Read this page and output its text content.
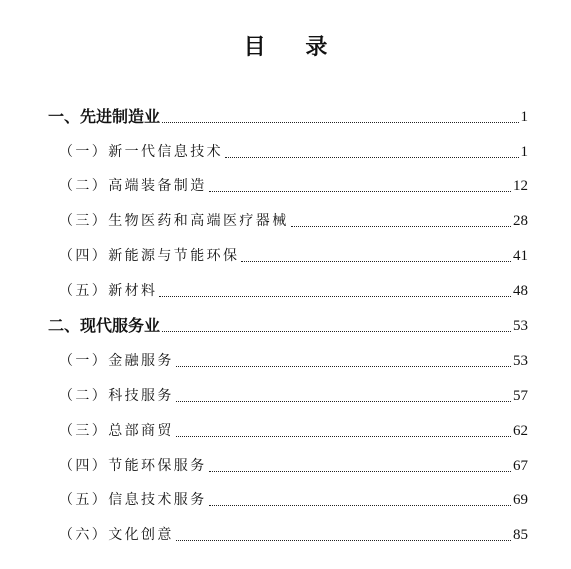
目 录
一、先进制造业	1
（一）新一代信息技术	1
（二）高端装备制造	12
（三）生物医药和高端医疗器械	28
（四）新能源与节能环保	41
（五）新材料	48
二、现代服务业	53
（一）金融服务	53
（二）科技服务	57
（三）总部商贸	62
（四）节能环保服务	67
（五）信息技术服务	69
（六）文化创意	85
